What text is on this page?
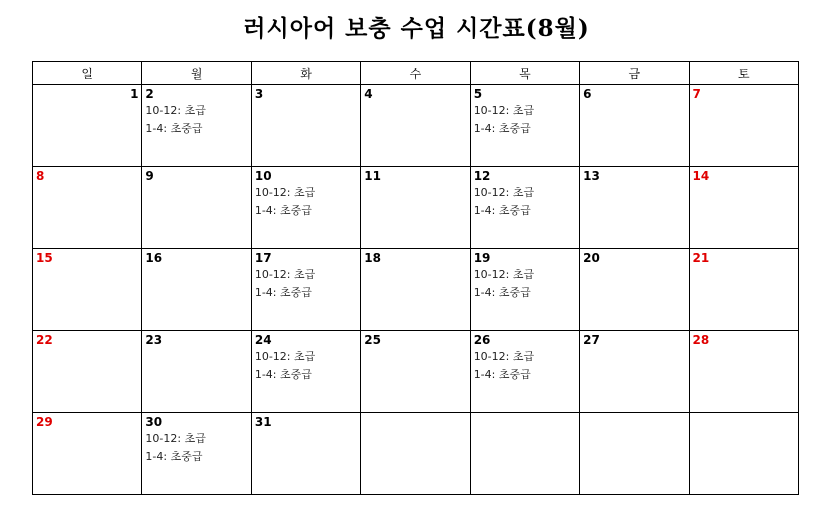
러시아어 보충 수업 시간표(8월)
일	월	화	수	목	금	토

1	2
10-12: 초급
1-4: 초중급	3	4	5
10-12: 초급
1-4: 초중급	6	7

8	9	10
10-12: 초급
1-4: 초중급	11	12
10-12: 초급
1-4: 초중급	13	14

15	16	17
10-12: 초급
1-4: 초중급	18	19
10-12: 초급
1-4: 초중급	20	21

22	23	24
10-12: 초급
1-4: 초중급	25	26
10-12: 초급
1-4: 초중급	27	28

29	30
10-12: 초급
1-4: 초중급	31				
